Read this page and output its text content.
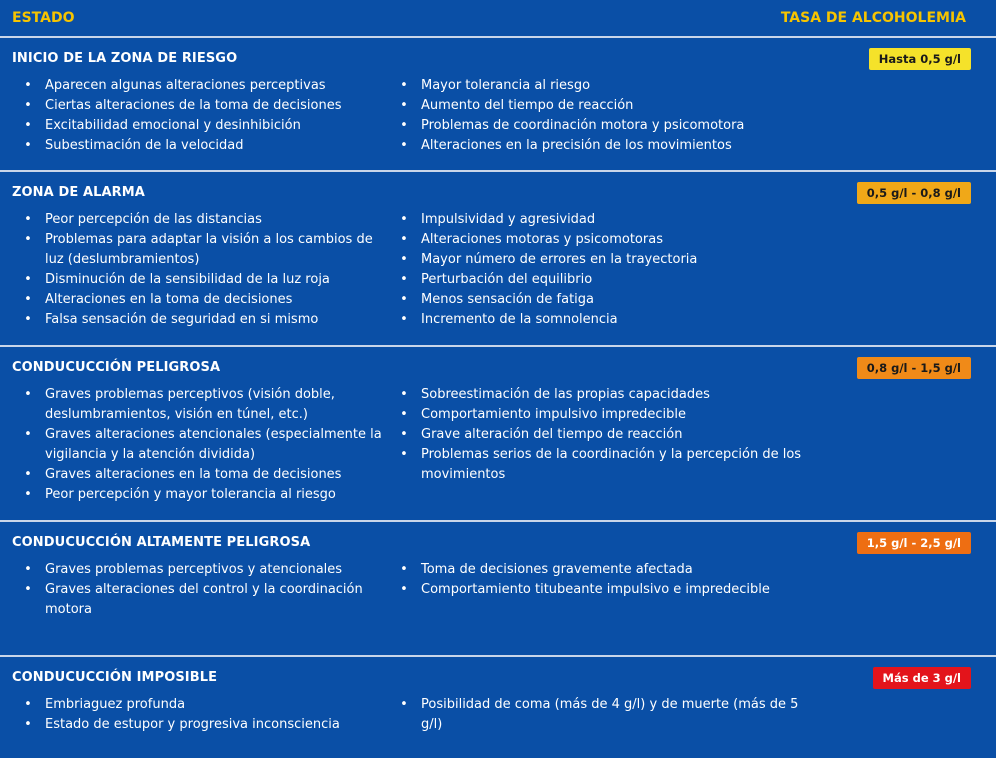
ESTADO	TASA DE ALCOHOLEMIA
INICIO DE LA ZONA DE RIESGO	Hasta 0,5 g/l
• Aparecen algunas alteraciones perceptivas
• Ciertas alteraciones de la toma de decisiones
• Excitabilidad emocional y desinhibición
• Subestimación de la velocidad
• Mayor tolerancia al riesgo
• Aumento del tiempo de reacción
• Problemas de coordinación motora y psicomotora
• Alteraciones en la precisión de los movimientos
ZONA DE ALARMA	0,5 g/l - 0,8 g/l
• Peor percepción de las distancias
• Problemas para adaptar la visión a los cambios de luz (deslumbramientos)
• Disminución de la sensibilidad de la luz roja
• Alteraciones en la toma de decisiones
• Falsa sensación de seguridad en si mismo
• Impulsividad y agresividad
• Alteraciones motoras y psicomotoras
• Mayor número de errores en la trayectoria
• Perturbación del equilibrio
• Menos sensación de fatiga
• Incremento de la somnolencia
CONDUCUCCIÓN PELIGROSA	0,8 g/l - 1,5 g/l
• Graves problemas perceptivos (visión doble, deslumbramientos, visión en túnel, etc.)
• Graves alteraciones atencionales (especialmente la vigilancia y la atención dividida)
• Graves alteraciones en la toma de decisiones
• Peor percepción y mayor tolerancia al riesgo
• Sobreestimación de las propias capacidades
• Comportamiento impulsivo impredecible
• Grave alteración del tiempo de reacción
• Problemas serios de la coordinación y la percepción de los movimientos
CONDUCUCCIÓN ALTAMENTE PELIGROSA	1,5 g/l - 2,5 g/l
• Graves problemas perceptivos y atencionales
• Graves alteraciones del control y la coordinación motora
• Toma de decisiones gravemente afectada
• Comportamiento titubeante impulsivo e impredecible
CONDUCUCCIÓN IMPOSIBLE	Más de 3 g/l
• Embriaguez profunda
• Estado de estupor y progresiva inconsciencia
• Posibilidad de coma (más de 4 g/l) y de muerte (más de 5 g/l)
